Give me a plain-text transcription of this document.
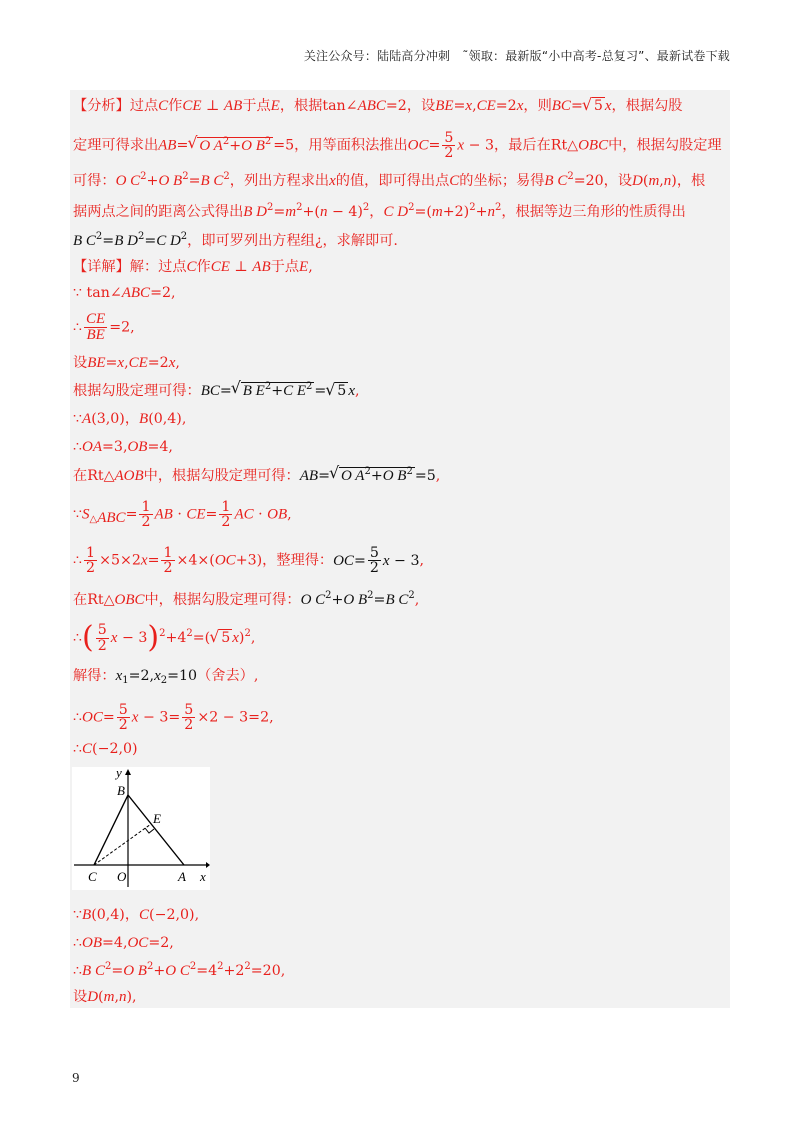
关注公众号：陆陆高分冲刺　˜领取：最新版“小中高考-总复习”、最新试卷下载
【分析】过点C作CE ⊥ AB于点E，根据tan∠ABC=2，设BE=x,CE=2x，则BC=√ 5 x，根据勾股
定理可得求出AB=√ O $A^2+O$ $B^2 =5$，用等面积法推出$OC= \frac{5}{2}$ x − 3，最后在Rt△OBC中，根据勾股定理
可得：O $C^2+O$ $B^2=B$ $C^2$，列出方程求出x的值，即可得出点C的坐标；易得B $C^2=20$，设D(m,n)，根
据两点之间的距离公式得出B $D^2=m^2+(n - 4)^2$，C $D^2=(m+2)^2+n^2$，根据等边三角形的性质得出
B $C^2=B$ $D^2=C$ $D^2$，即可罗列出方程组¿，求解即可.
【详解】解：过点C作CE ⊥ AB于点E,
∵ tan∠ABC=2,
∴ $\frac{CE}{BE} =2$,
设BE=x,CE=2x,
根据勾股定理可得：BC=√ B $E^2+C$ $E^2$ =√ 5 x,
∵A(3,0)，B(0,4),
∴OA=3,OB=4,
在Rt△AOB中，根据勾股定理可得：AB=√ O $A^2+O$ $B^2 =5$,
$\because S_{\triangle ABC}= \frac{1}{2}$ AB · $CE= \frac{1}{2}$ AC · OB,
∴ $\frac{1}{2} \times 5\times 2x= \frac{1}{2} \times 4\times(OC+3)$，整理得：$OC= \frac{5}{2}$ x − 3,
在Rt△OBC中，根据勾股定理可得：O $C^2+O$ $B^2=B$ $C^2$,
∴( $\frac{5}{2}$ $x - 3)^2+4^2=(√$ 5 x)$^2$,
解得：$x_1=2,x_2=10$（舍去）,
∴OC= $\frac{5}{2}$ $x - 3= \frac{5}{2} \times 2 - 3=2$,
∴C(−2,0)
∵B(0,4)，C(−2,0),
∴OB=4,OC=2,
∴B $C^2=O$ $B^2+O$ $C^2=4^2+2^2=20$,
设D(m,n),
y
B
E
C O	A x
9
